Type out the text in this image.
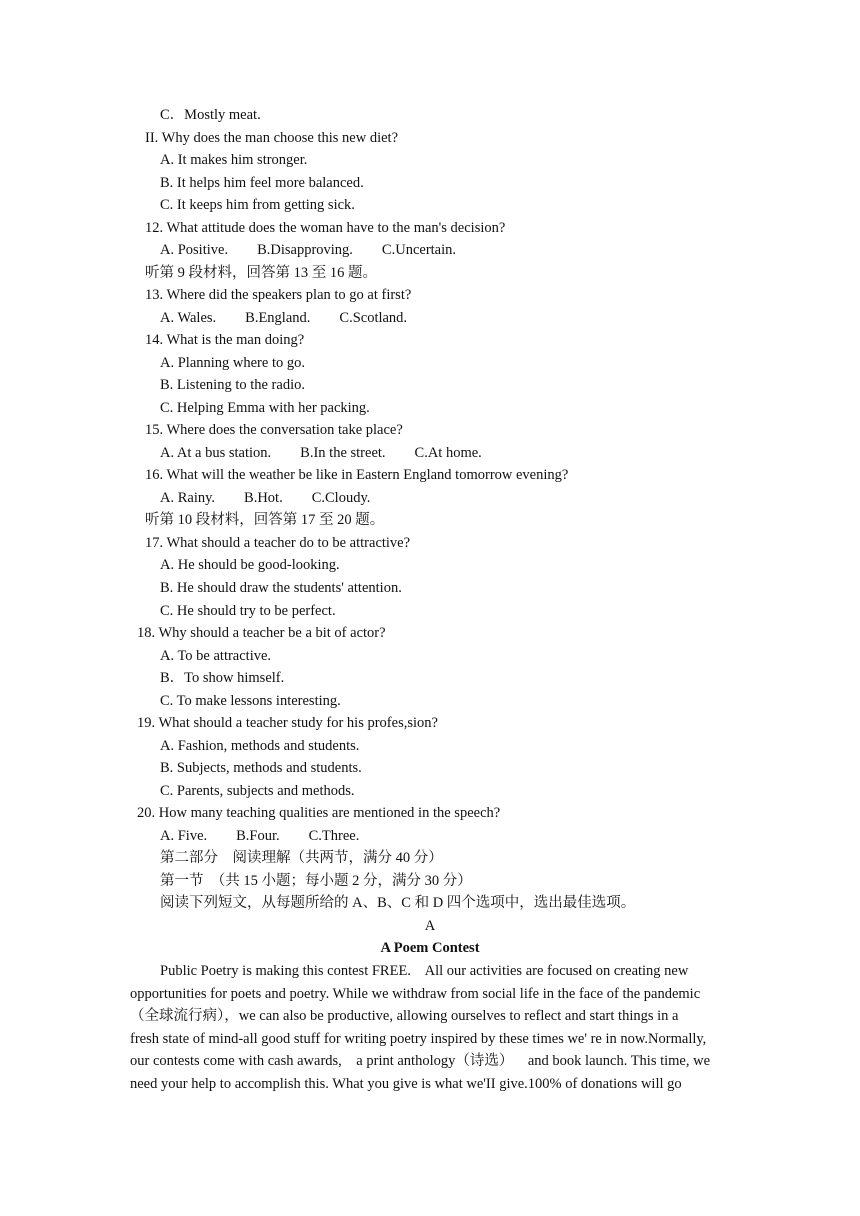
C．Mostly meat.
II. Why does the man choose this new diet?
A. It makes him stronger.
B. It helps him feel more balanced.
C. It keeps him from getting sick.
12. What attitude does the woman have to the man's decision?
A. Positive.        B.Disapproving.        C.Uncertain.
听第 9 段材料，回答第 13 至 16 题。
13. Where did the speakers plan to go at first?
A. Wales.        B.England.        C.Scotland.
14. What is the man doing?
A. Planning where to go.
B. Listening to the radio.
C. Helping Emma with her packing.
15. Where does the conversation take place?
A. At a bus station.        B.In the street.        C.At home.
16. What will the weather be like in Eastern England tomorrow evening?
A. Rainy.        B.Hot.        C.Cloudy.
听第 10 段材料，回答第 17 至 20 题。
17. What should a teacher do to be attractive?
A. He should be good-looking.
B. He should draw the students' attention.
C. He should try to be perfect.
18. Why should a teacher be a bit of actor?
A. To be attractive.
B．To show himself.
C. To make lessons interesting.
19. What should a teacher study for his profes,sion?
A. Fashion, methods and students.
B. Subjects, methods and students.
C. Parents, subjects and methods.
20. How many teaching qualities are mentioned in the speech?
A. Five.        B.Four.        C.Three.
第二部分　阅读理解（共两节，满分 40 分）
第一节　（共 15 小题；每小题 2 分，满分 30 分）
阅读下列短文，从每题所给的 A、B、C 和 D 四个选项中，选出最佳选项。
A
A Poem Contest
Public Poetry is making this contest FREE.    All our activities are focused on creating new
opportunities for poets and poetry. While we withdraw from social life in the face of the pandemic
（全球流行病），we can also be productive, allowing ourselves to reflect and start things in a
fresh state of mind-all good stuff for writing poetry inspired by these times we' re in now.Normally,
our contests come with cash awards,    a print anthology（诗选）    and book launch. This time, we
need your help to accomplish this. What you give is what we'II give.100% of donations will go
